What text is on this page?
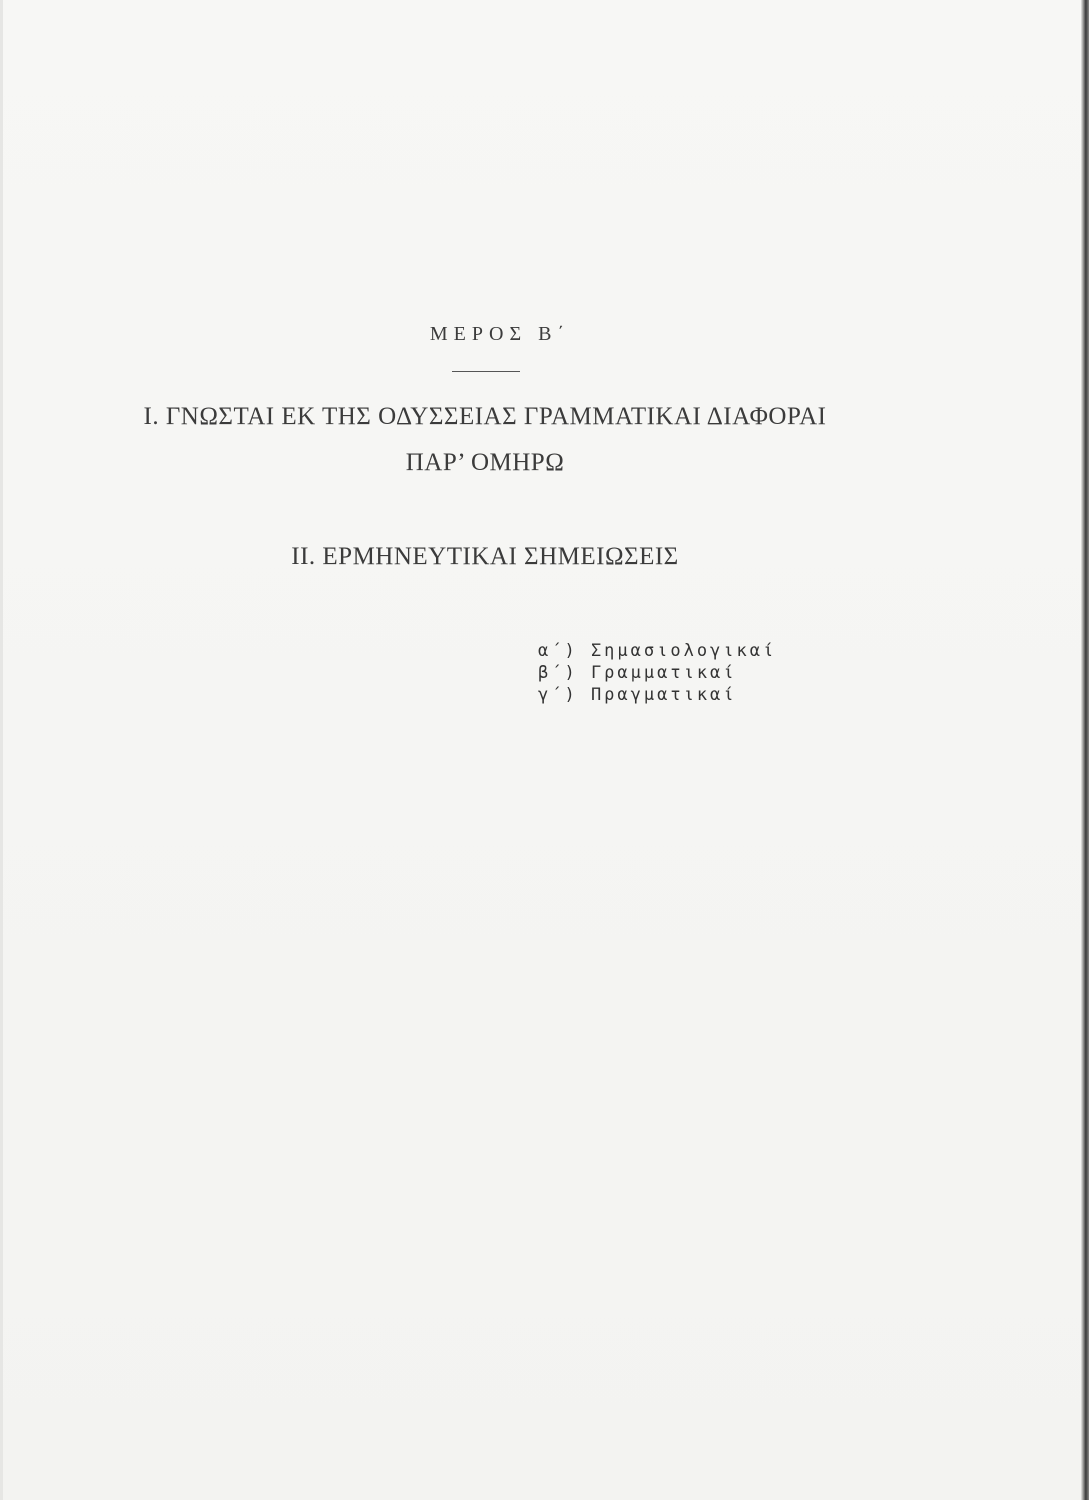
ΜΕΡΟΣ Β΄
I. ΓΝΩΣΤΑΙ ΕΚ ΤΗΣ ΟΔΥΣΣΕΙΑΣ ΓΡΑΜΜΑΤΙΚΑΙ ΔΙΑΦΟΡΑΙ
ΠΑΡ’ ΟΜΗΡΩ
II. ΕΡΜΗΝΕΥΤΙΚΑΙ ΣΗΜΕΙΩΣΕΙΣ
α΄) Σημασιολογικαί
β΄) Γραμματικαί
γ΄) Πραγματικαί
